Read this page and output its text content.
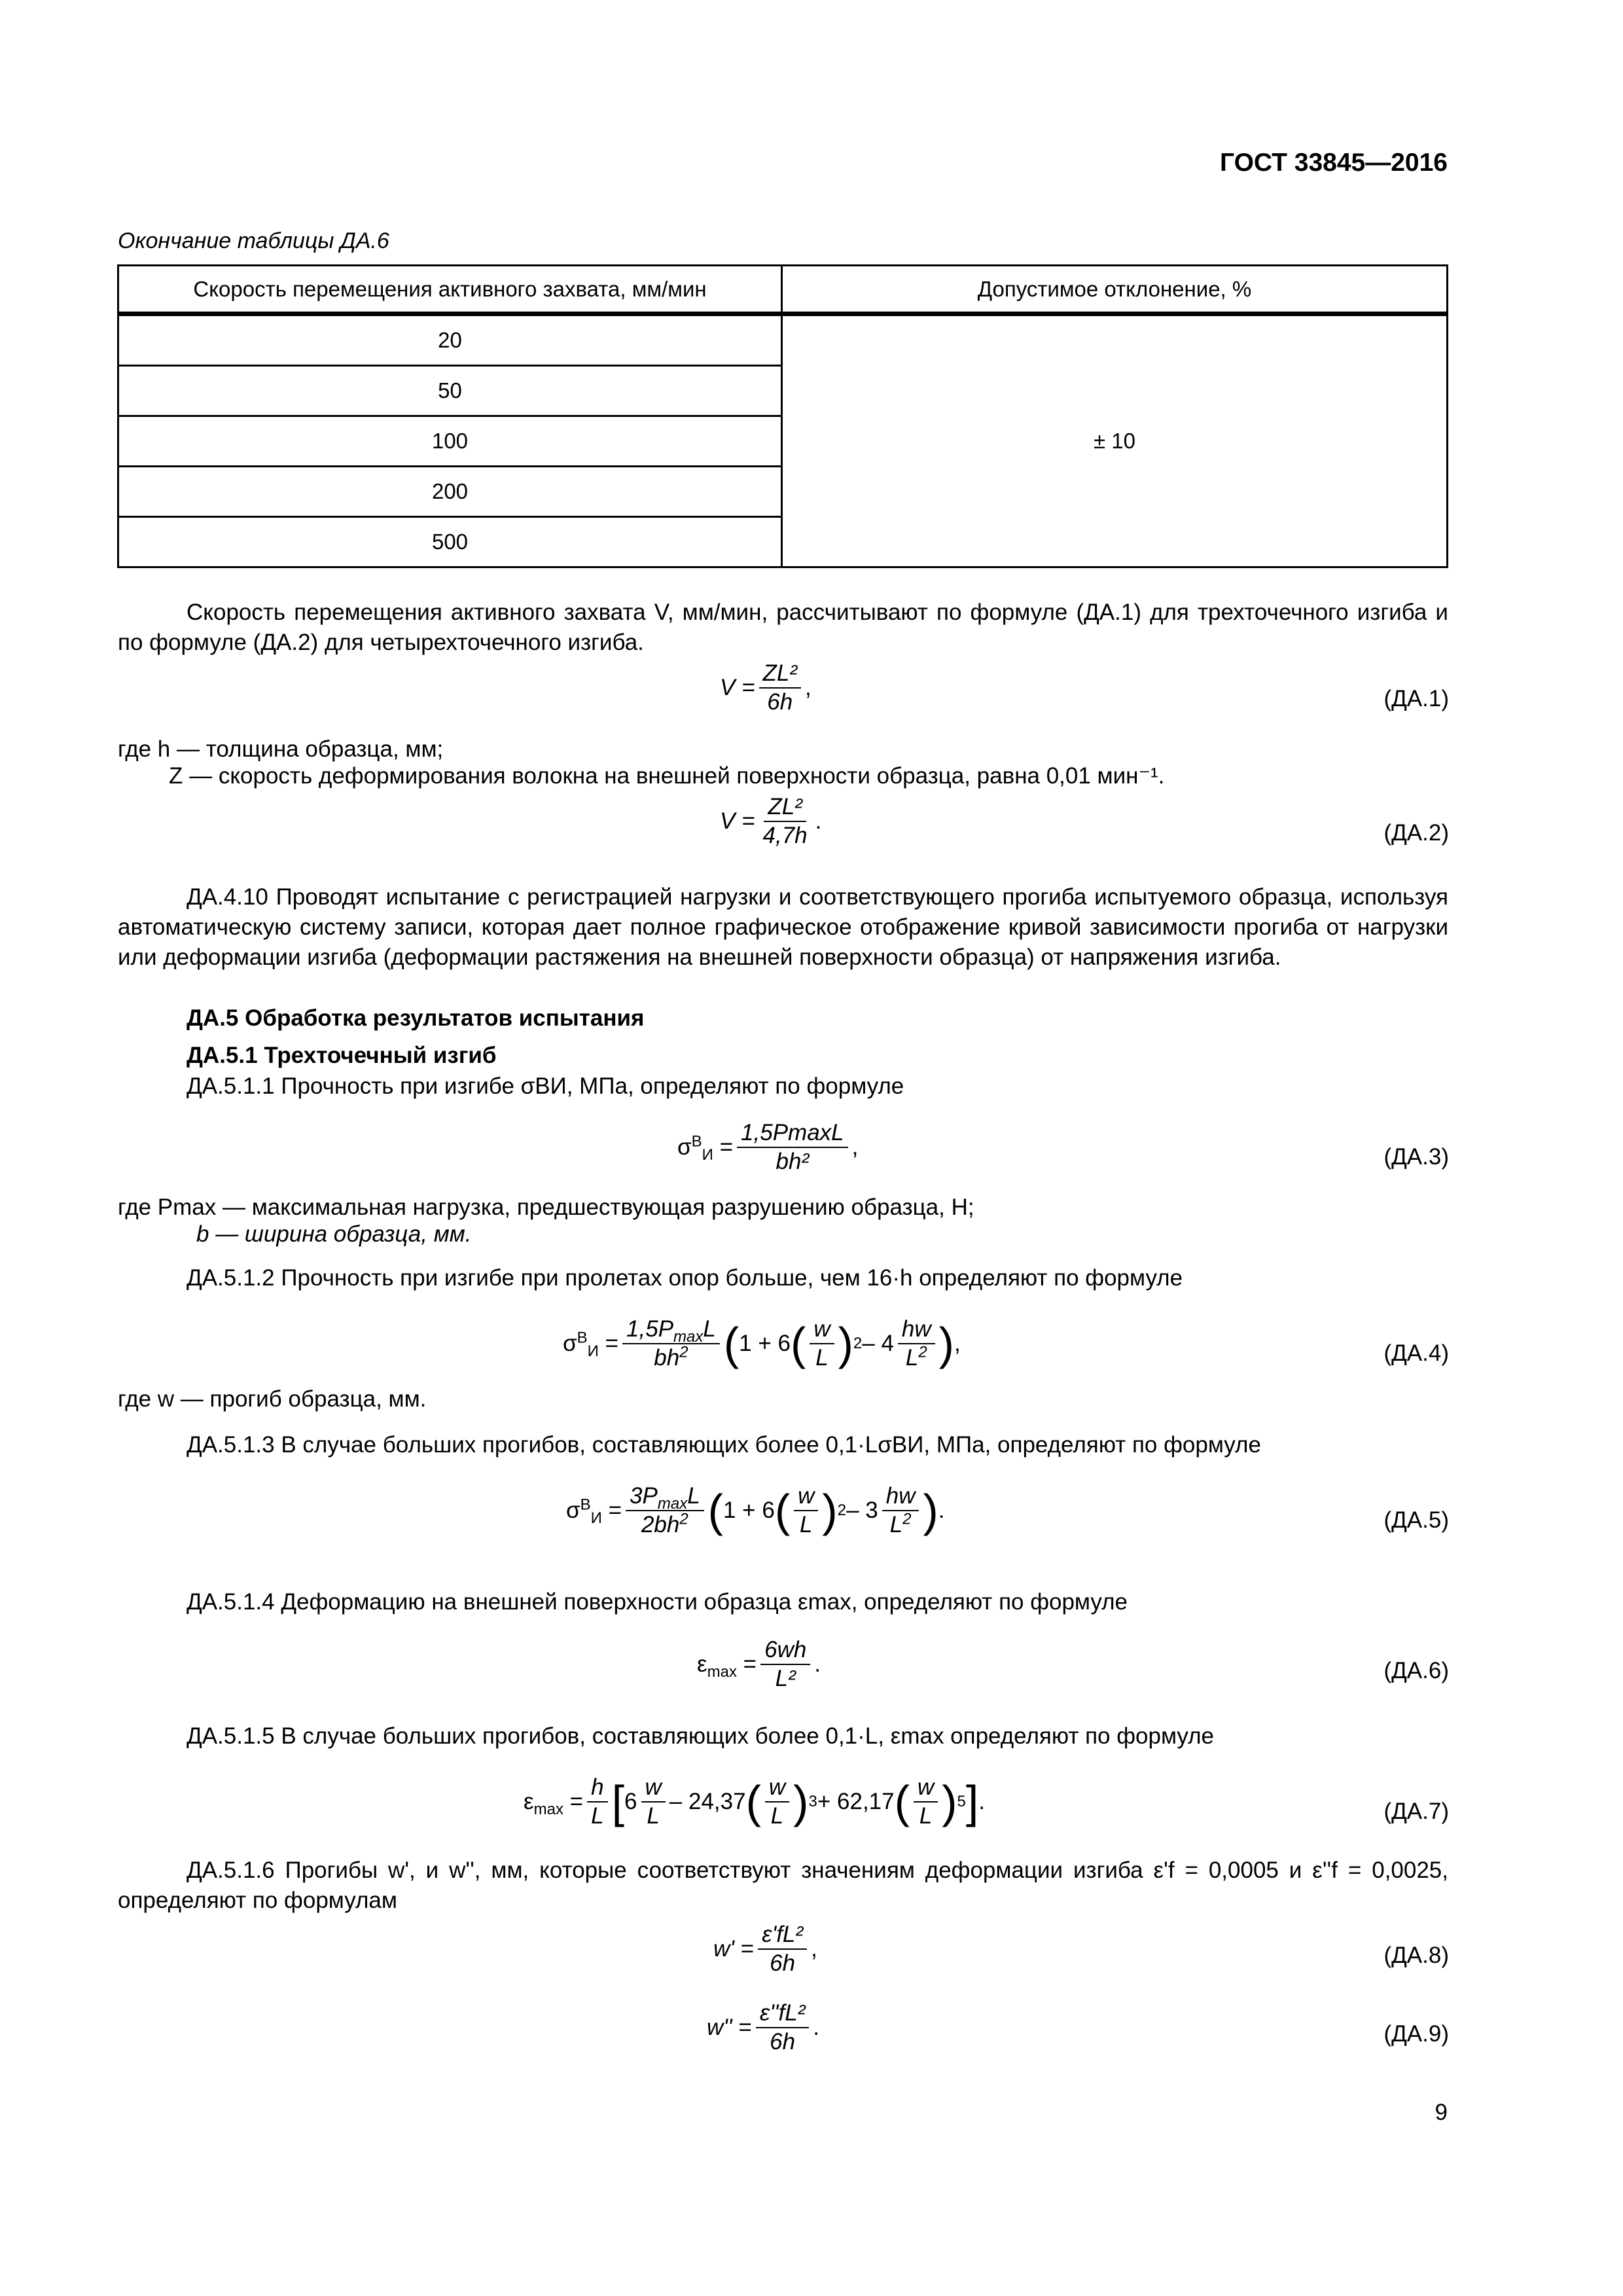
ГОСТ 33845—2016
Окончание таблицы ДА.6
Скорость перемещения активного захвата, мм/мин	Допустимое отклонение, %
20	± 10
50	
100	
200	
500	
Скорость перемещения активного захвата V, мм/мин, рассчитывают по формуле (ДА.1) для трехточечного изгиба и по формуле (ДА.2) для четырехточечного изгиба.
$V = \frac{\text{ZL²}}{6h}$ ,	(ДА.1)
где h — толщина образца, мм;
Z — скорость деформирования волокна на внешней поверхности образца, равна 0,01 мин⁻¹.
$V = \frac{\text{ZL²}}{4,7h}$ .	(ДА.2)
ДА.4.10 Проводят испытание с регистрацией нагрузки и соответствующего прогиба испытуемого образца, используя автоматическую систему записи, которая дает полное графическое отображение кривой зависимости прогиба от нагрузки или деформации изгиба (деформации растяжения на внешней поверхности образца) от напряжения изгиба.
ДА.5 Обработка результатов испытания
ДА.5.1 Трехточечный изгиб
ДА.5.1.1 Прочность при изгибе σВИ, МПа, определяют по формуле
$\sigma^В_И = \frac{1,5PmaxL}{\text{bh²}}$ ,	(ДА.3)
где Pmax — максимальная нагрузка, предшествующая разрушению образца, Н;
b — ширина образца, мм.
ДА.5.1.2 Прочность при изгибе при пролетах опор больше, чем 16·h определяют по формуле
$\sigma^В_И = \frac{1,5P_{max}L}{bh^2}$ ( 1 + 6 ( $\frac{w}{L}$ ) $2 - 4 \frac{hw}{L^2}$ ) ,	(ДА.4)
где w — прогиб образца, мм.
ДА.5.1.3 В случае больших прогибов, составляющих более 0,1·LσВИ, МПа, определяют по формуле
$\sigma^В_И = \frac{3P_{max}L}{2bh^2}$ ( 1 + 6 ( $\frac{w}{L}$ ) $2 - 3 \frac{hw}{L^2}$ ) .	(ДА.5)
ДА.5.1.4 Деформацию на внешней поверхности образца εmax, определяют по формуле
$\varepsilon_{max} = \frac{6wh}{\text{L²}}$ .	(ДА.6)
ДА.5.1.5 В случае больших прогибов, составляющих более 0,1·L, εmax определяют по формуле
$\varepsilon_{max} = \frac{h}{L}$ [ $6 \frac{w}{L} - 24,37$ ( $\frac{w}{L}$ ) 3 + 62,17 ( $\frac{w}{L}$ ) 5 ] .	(ДА.7)
ДА.5.1.6 Прогибы w', и w'', мм, которые соответствуют значениям деформации изгиба ε'f = 0,0005 и ε''f = 0,0025, определяют по формулам
$w' = \frac{\text{ε'fL²}}{6h}$ ,	(ДА.8)
$w'' = \frac{\text{ε''fL²}}{6h}$ .	(ДА.9)
9
